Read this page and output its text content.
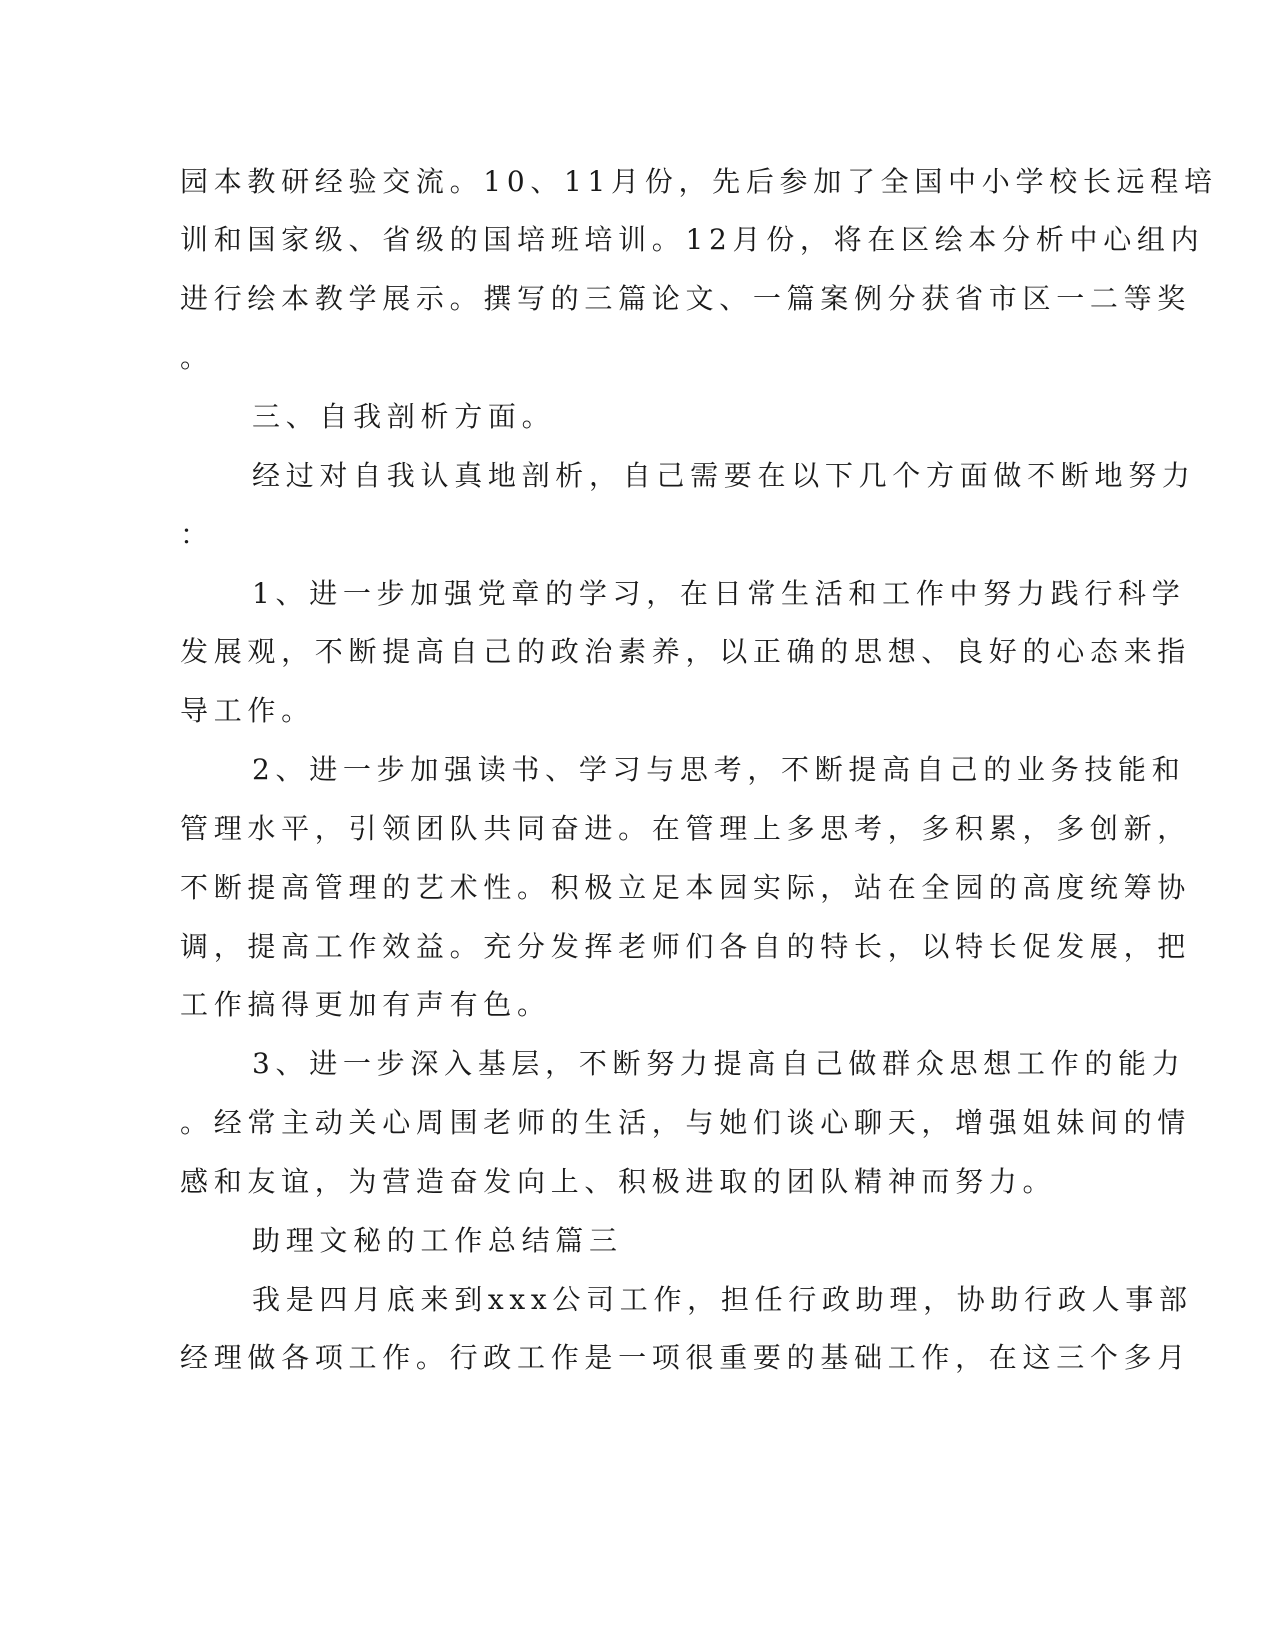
园本教研经验交流。10、11月份，先后参加了全国中小学校长远程培
训和国家级、省级的国培班培训。12月份，将在区绘本分析中心组内
进行绘本教学展示。撰写的三篇论文、一篇案例分获省市区一二等奖
。
三、自我剖析方面。
经过对自我认真地剖析，自己需要在以下几个方面做不断地努力
：
1、进一步加强党章的学习，在日常生活和工作中努力践行科学
发展观，不断提高自己的政治素养，以正确的思想、良好的心态来指
导工作。
2、进一步加强读书、学习与思考，不断提高自己的业务技能和
管理水平，引领团队共同奋进。在管理上多思考，多积累，多创新，
不断提高管理的艺术性。积极立足本园实际，站在全园的高度统筹协
调，提高工作效益。充分发挥老师们各自的特长，以特长促发展，把
工作搞得更加有声有色。
3、进一步深入基层，不断努力提高自己做群众思想工作的能力
。经常主动关心周围老师的生活，与她们谈心聊天，增强姐妹间的情
感和友谊，为营造奋发向上、积极进取的团队精神而努力。
助理文秘的工作总结篇三
我是四月底来到xxx公司工作，担任行政助理，协助行政人事部
经理做各项工作。行政工作是一项很重要的基础工作，在这三个多月
